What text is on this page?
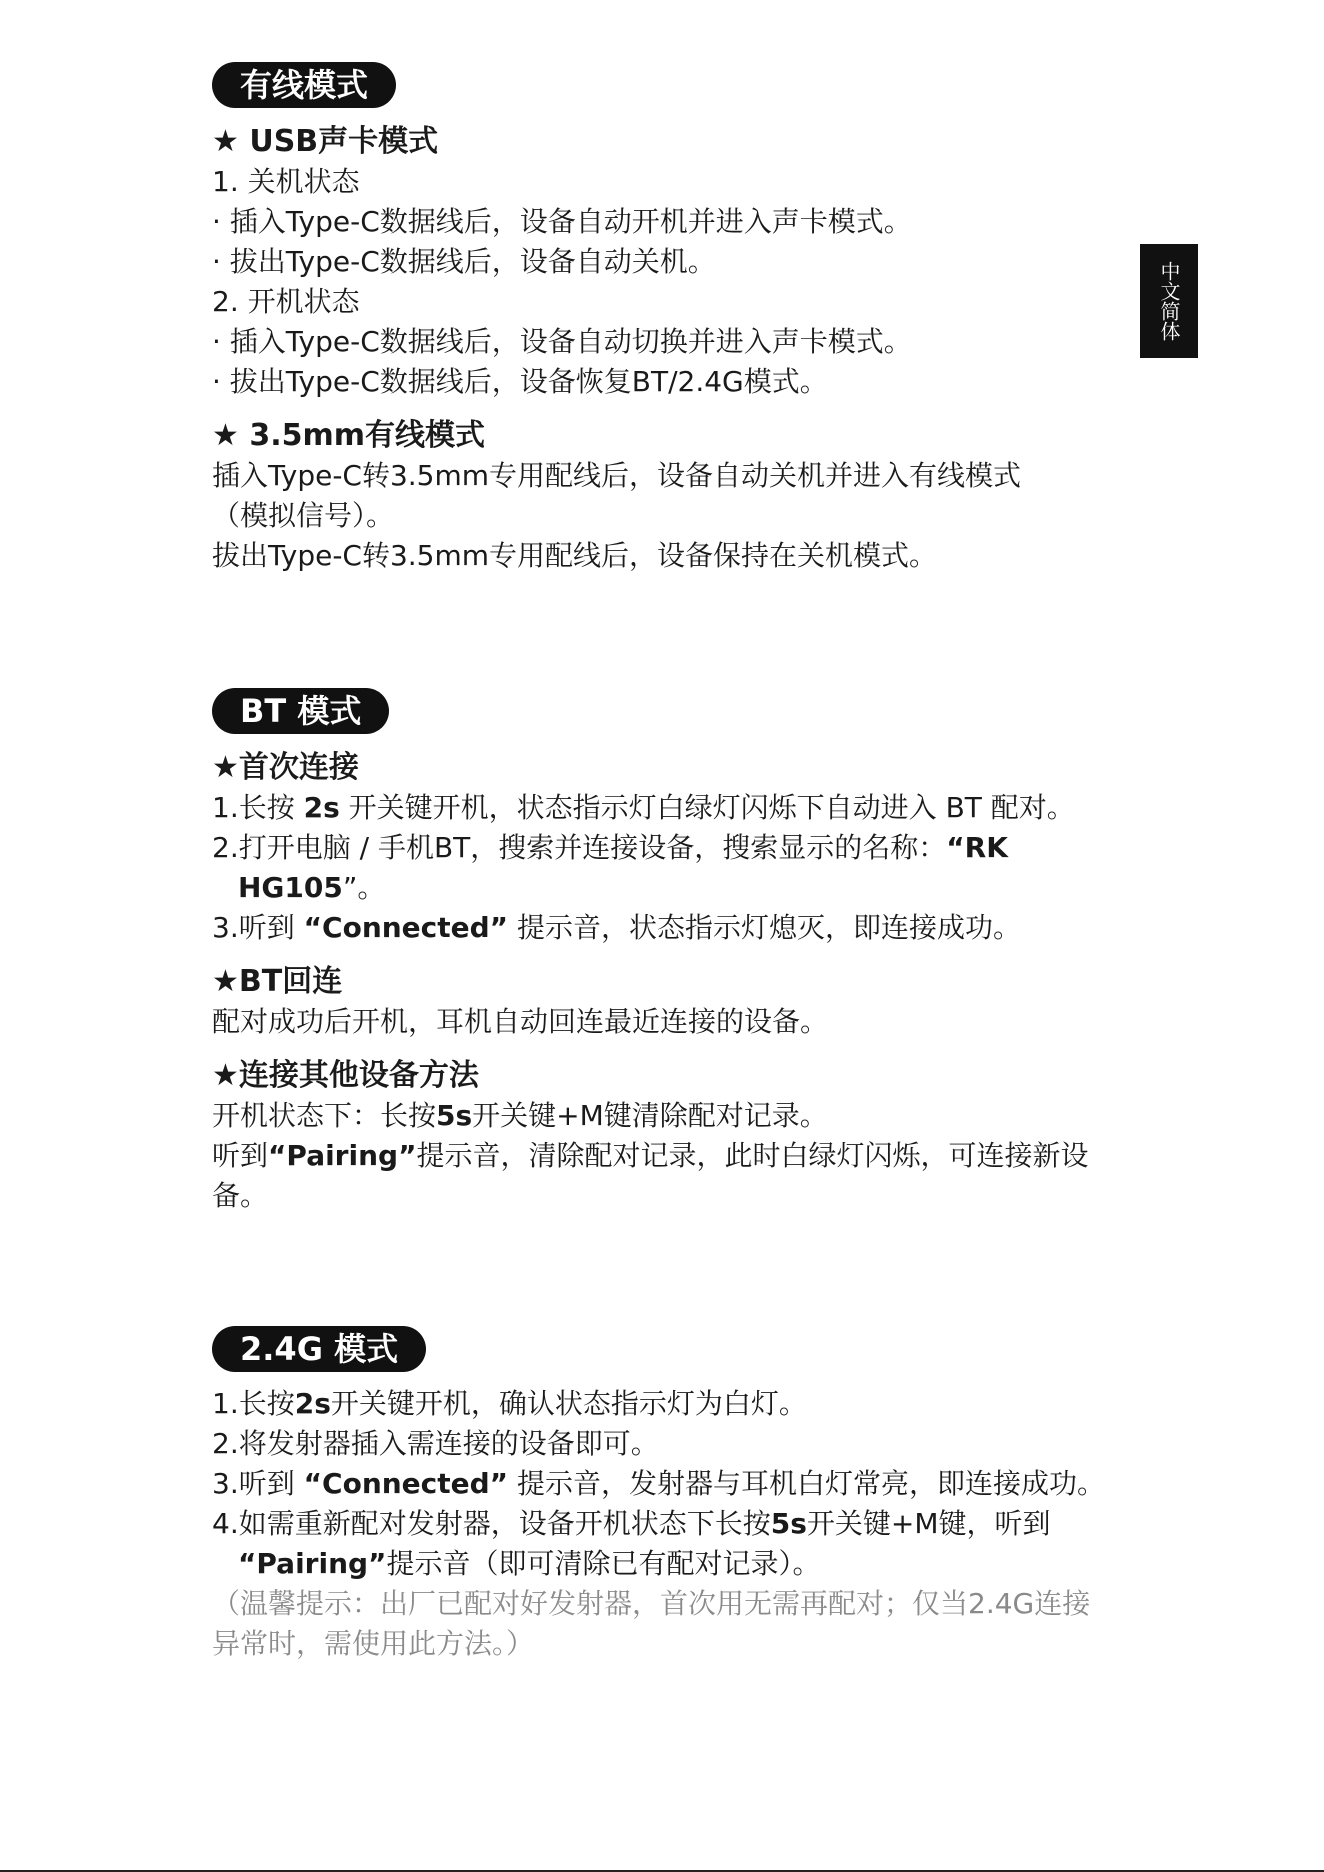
中文简体
有线模式
★ USB声卡模式
1. 关机状态
· 插入Type-C数据线后，设备自动开机并进入声卡模式。
· 拔出Type-C数据线后，设备自动关机。
2. 开机状态
· 插入Type-C数据线后，设备自动切换并进入声卡模式。
· 拔出Type-C数据线后，设备恢复BT/2.4G模式。
★ 3.5mm有线模式
插入Type-C转3.5mm专用配线后，设备自动关机并进入有线模式
（模拟信号）。
拔出Type-C转3.5mm专用配线后，设备保持在关机模式。
BT 模式
★首次连接
1.长按 2s 开关键开机，状态指示灯白绿灯闪烁下自动进入 BT 配对。
2.打开电脑 / 手机BT，搜索并连接设备，搜索显示的名称：“RK
HG105”。
3.听到 “Connected” 提示音，状态指示灯熄灭，即连接成功。
★BT回连
配对成功后开机，耳机自动回连最近连接的设备。
★连接其他设备方法
开机状态下：长按5s开关键+M键清除配对记录。
听到“Pairing”提示音，清除配对记录，此时白绿灯闪烁，可连接新设
备。
2.4G 模式
1.长按2s开关键开机，确认状态指示灯为白灯。
2.将发射器插入需连接的设备即可。
3.听到 “Connected” 提示音，发射器与耳机白灯常亮，即连接成功。
4.如需重新配对发射器，设备开机状态下长按5s开关键+M键，听到
“Pairing”提示音（即可清除已有配对记录）。
（温馨提示：出厂已配对好发射器，首次用无需再配对；仅当2.4G连接
异常时，需使用此方法。）
